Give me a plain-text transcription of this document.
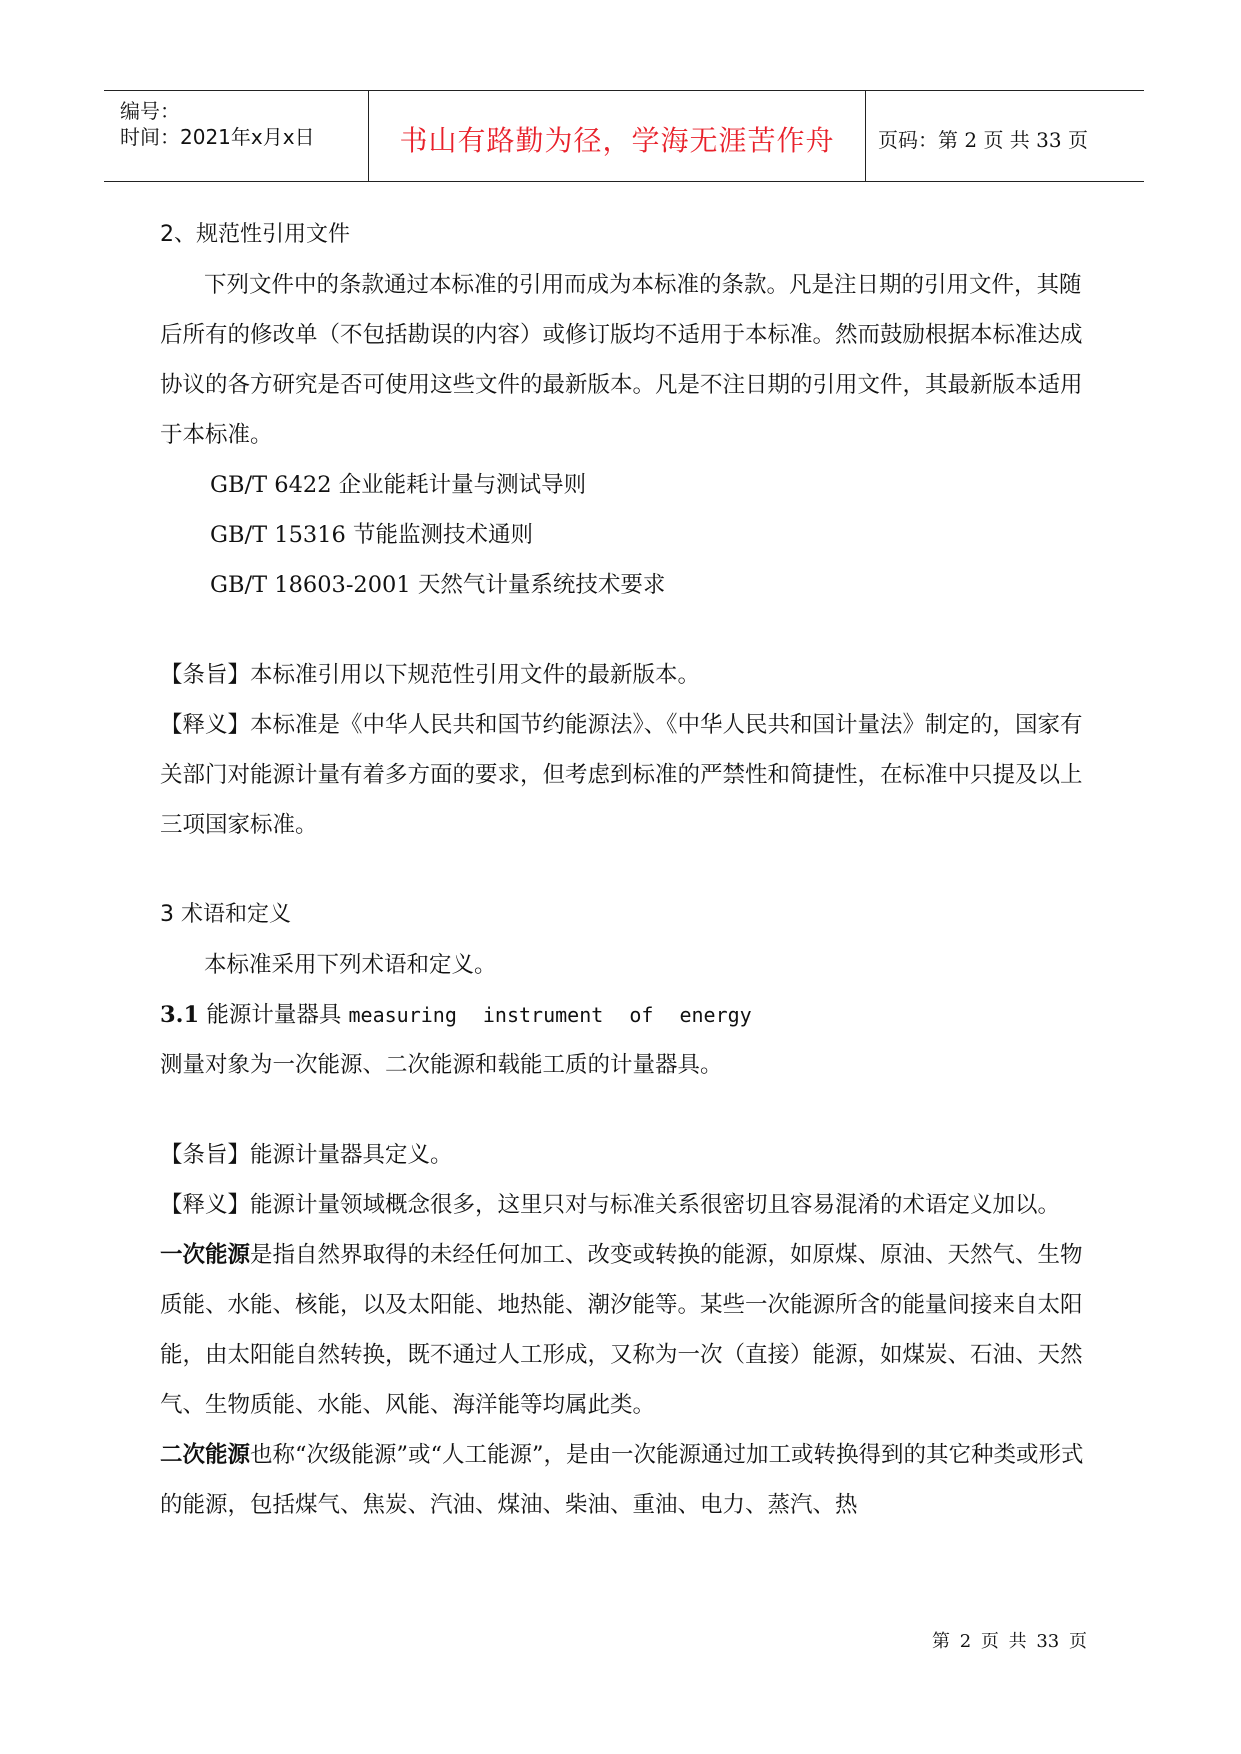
编号：
时间：2021年x月x日	书山有路勤为径，学海无涯苦作舟	页码：第 2 页 共 33 页

2、规范性引用文件

下列文件中的条款通过本标准的引用而成为本标准的条款。凡是注日期的引用文件，其随后所有的修改单（不包括勘误的内容）或修订版均不适用于本标准。然而鼓励根据本标准达成协议的各方研究是否可使用这些文件的最新版本。凡是不注日期的引用文件，其最新版本适用于本标准。

GB/T 6422 企业能耗计量与测试导则

GB/T 15316 节能监测技术通则

GB/T 18603-2001 天然气计量系统技术要求

【条旨】本标准引用以下规范性引用文件的最新版本。

【释义】本标准是《中华人民共和国节约能源法》、《中华人民共和国计量法》制定的，国家有关部门对能源计量有着多方面的要求，但考虑到标准的严禁性和简捷性，在标准中只提及以上三项国家标准。

3 术语和定义

本标准采用下列术语和定义。

3.1 能源计量器具 measuring instrument of energy

测量对象为一次能源、二次能源和载能工质的计量器具。

【条旨】能源计量器具定义。

【释义】能源计量领域概念很多，这里只对与标准关系很密切且容易混淆的术语定义加以。

一次能源是指自然界取得的未经任何加工、改变或转换的能源，如原煤、原油、天然气、生物质能、水能、核能，以及太阳能、地热能、潮汐能等。某些一次能源所含的能量间接来自太阳能，由太阳能自然转换，既不通过人工形成，又称为一次（直接）能源，如煤炭、石油、天然气、生物质能、水能、风能、海洋能等均属此类。

二次能源也称“次级能源”或“人工能源”，是由一次能源通过加工或转换得到的其它种类或形式的能源，包括煤气、焦炭、汽油、煤油、柴油、重油、电力、蒸汽、热

第 2 页 共 33 页
